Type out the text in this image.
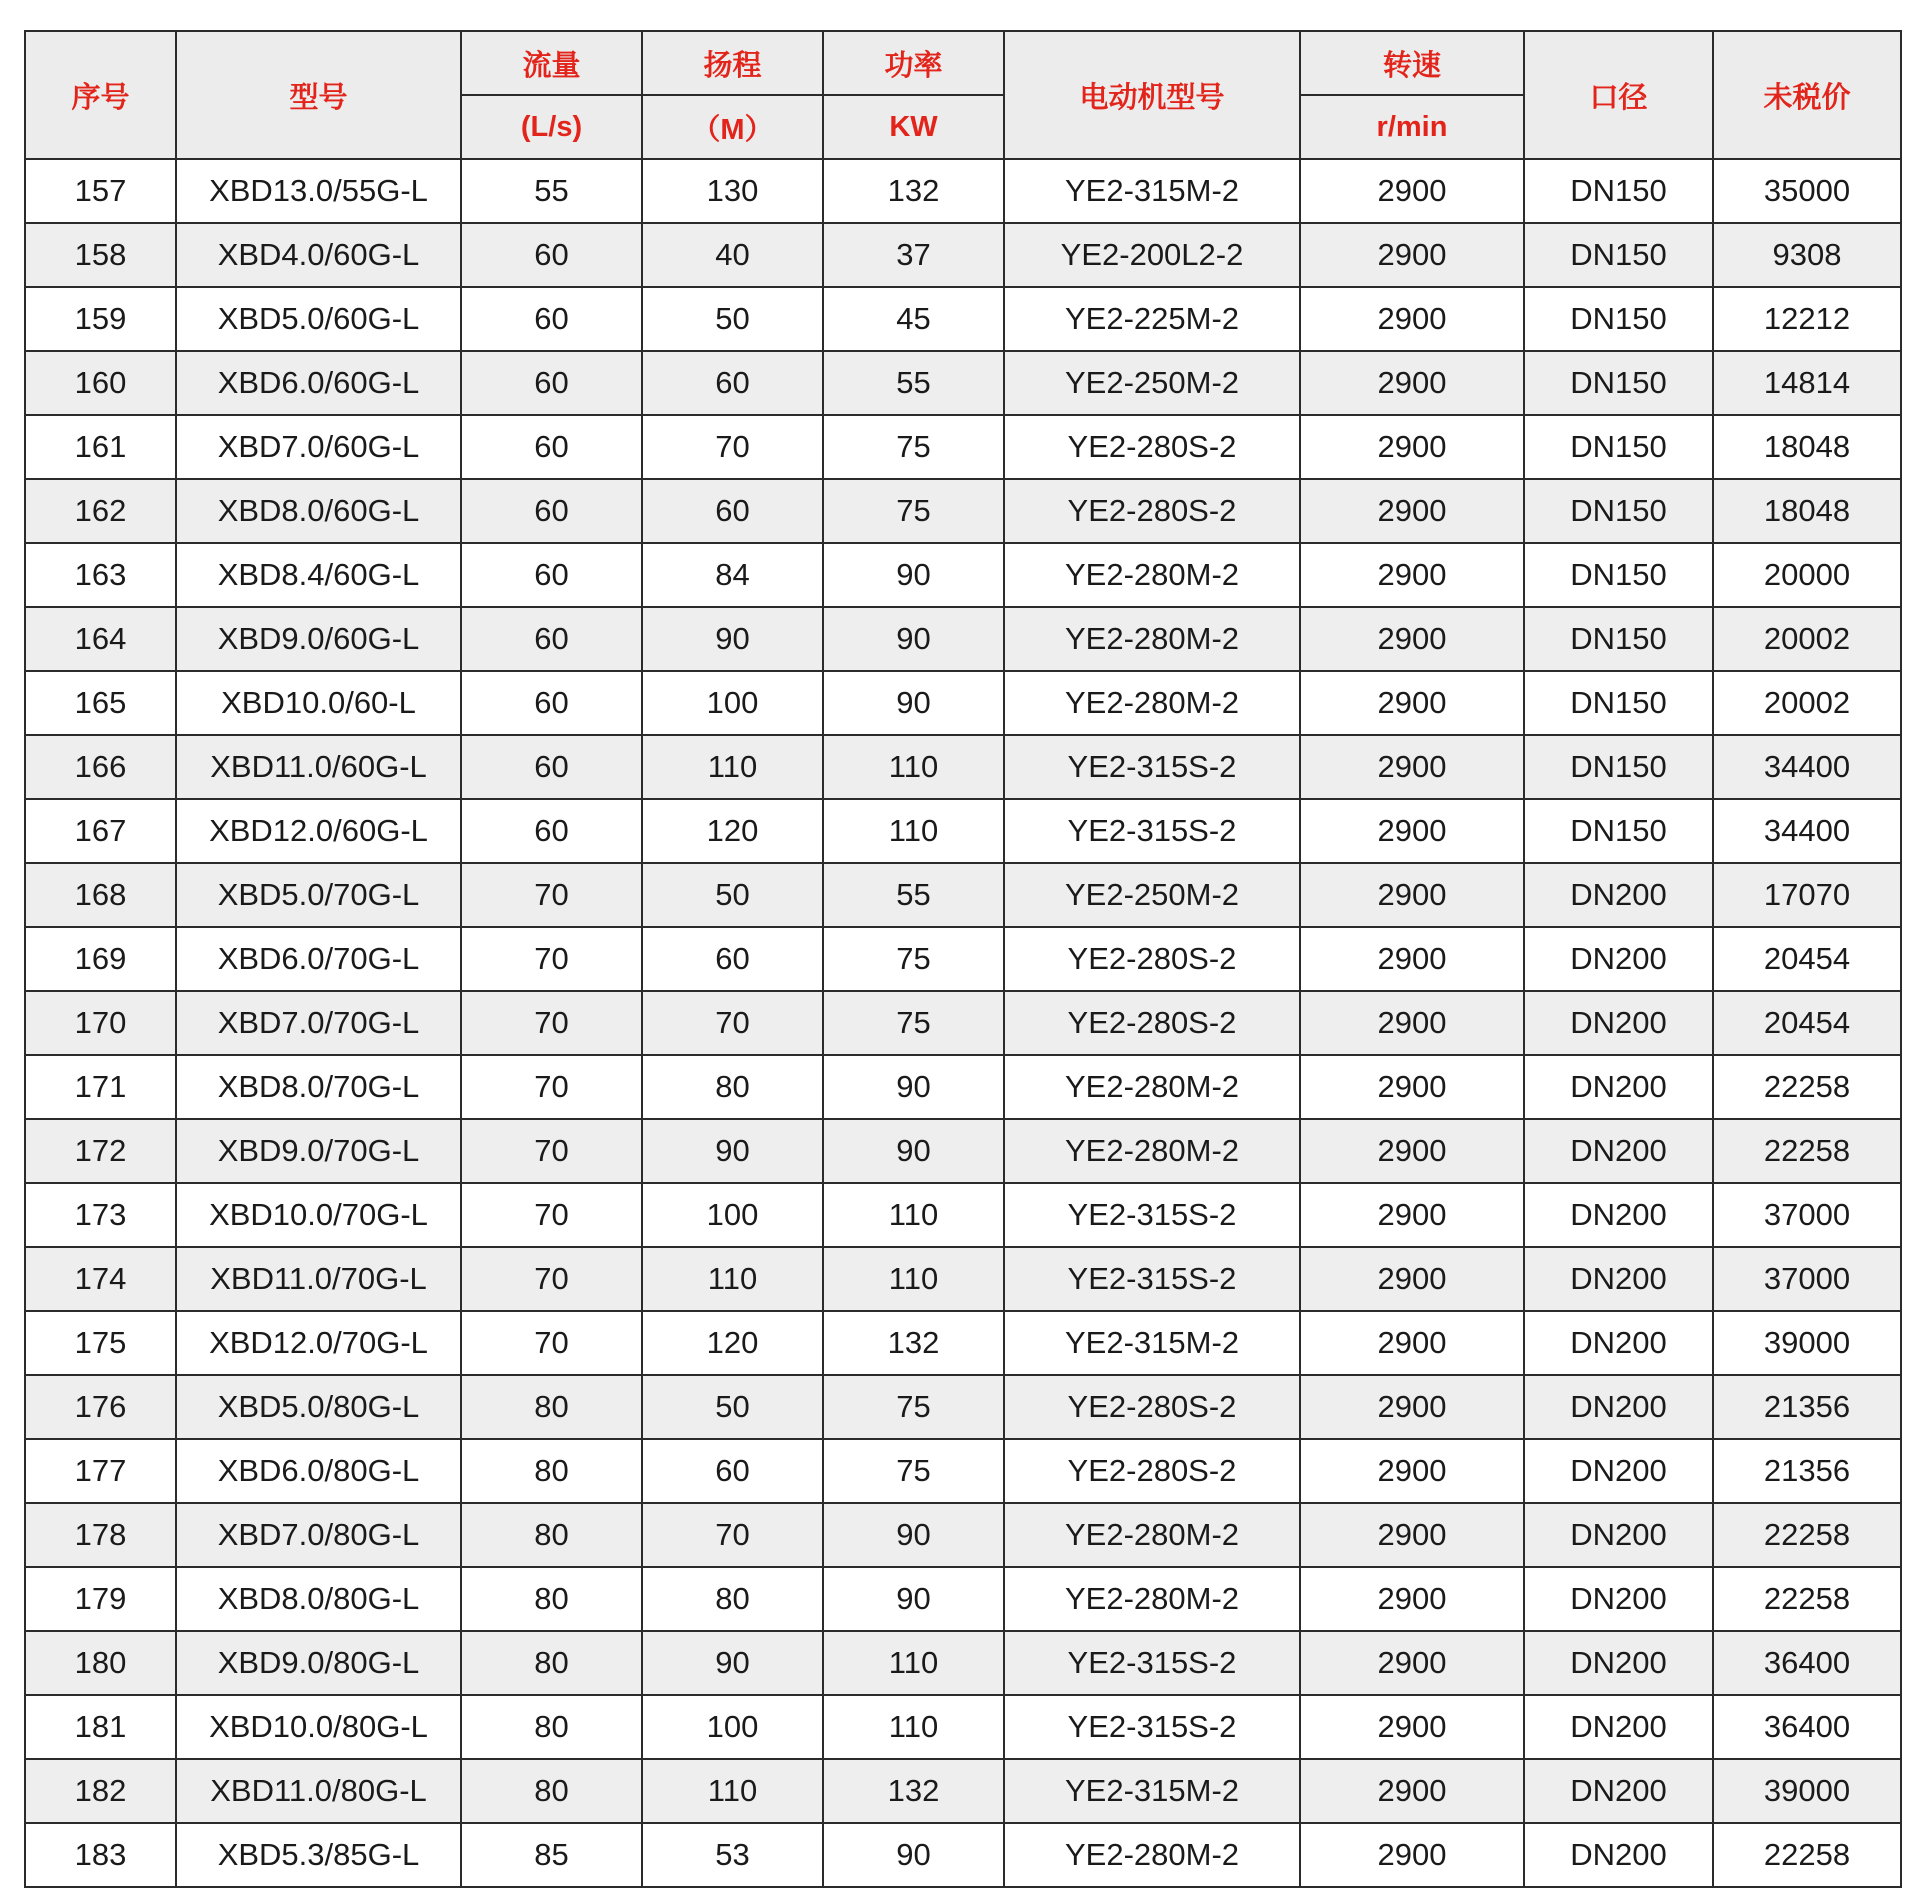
序号	型号	流量	扬程	功率	电动机型号	转速	口径	未税价
		(L/s)	（M）	KW		r/min		
157	XBD13.0/55G-L	55	130	132	YE2-315M-2	2900	DN150	35000
158	XBD4.0/60G-L	60	40	37	YE2-200L2-2	2900	DN150	9308
159	XBD5.0/60G-L	60	50	45	YE2-225M-2	2900	DN150	12212
160	XBD6.0/60G-L	60	60	55	YE2-250M-2	2900	DN150	14814
161	XBD7.0/60G-L	60	70	75	YE2-280S-2	2900	DN150	18048
162	XBD8.0/60G-L	60	60	75	YE2-280S-2	2900	DN150	18048
163	XBD8.4/60G-L	60	84	90	YE2-280M-2	2900	DN150	20000
164	XBD9.0/60G-L	60	90	90	YE2-280M-2	2900	DN150	20002
165	XBD10.0/60-L	60	100	90	YE2-280M-2	2900	DN150	20002
166	XBD11.0/60G-L	60	110	110	YE2-315S-2	2900	DN150	34400
167	XBD12.0/60G-L	60	120	110	YE2-315S-2	2900	DN150	34400
168	XBD5.0/70G-L	70	50	55	YE2-250M-2	2900	DN200	17070
169	XBD6.0/70G-L	70	60	75	YE2-280S-2	2900	DN200	20454
170	XBD7.0/70G-L	70	70	75	YE2-280S-2	2900	DN200	20454
171	XBD8.0/70G-L	70	80	90	YE2-280M-2	2900	DN200	22258
172	XBD9.0/70G-L	70	90	90	YE2-280M-2	2900	DN200	22258
173	XBD10.0/70G-L	70	100	110	YE2-315S-2	2900	DN200	37000
174	XBD11.0/70G-L	70	110	110	YE2-315S-2	2900	DN200	37000
175	XBD12.0/70G-L	70	120	132	YE2-315M-2	2900	DN200	39000
176	XBD5.0/80G-L	80	50	75	YE2-280S-2	2900	DN200	21356
177	XBD6.0/80G-L	80	60	75	YE2-280S-2	2900	DN200	21356
178	XBD7.0/80G-L	80	70	90	YE2-280M-2	2900	DN200	22258
179	XBD8.0/80G-L	80	80	90	YE2-280M-2	2900	DN200	22258
180	XBD9.0/80G-L	80	90	110	YE2-315S-2	2900	DN200	36400
181	XBD10.0/80G-L	80	100	110	YE2-315S-2	2900	DN200	36400
182	XBD11.0/80G-L	80	110	132	YE2-315M-2	2900	DN200	39000
183	XBD5.3/85G-L	85	53	90	YE2-280M-2	2900	DN200	22258
